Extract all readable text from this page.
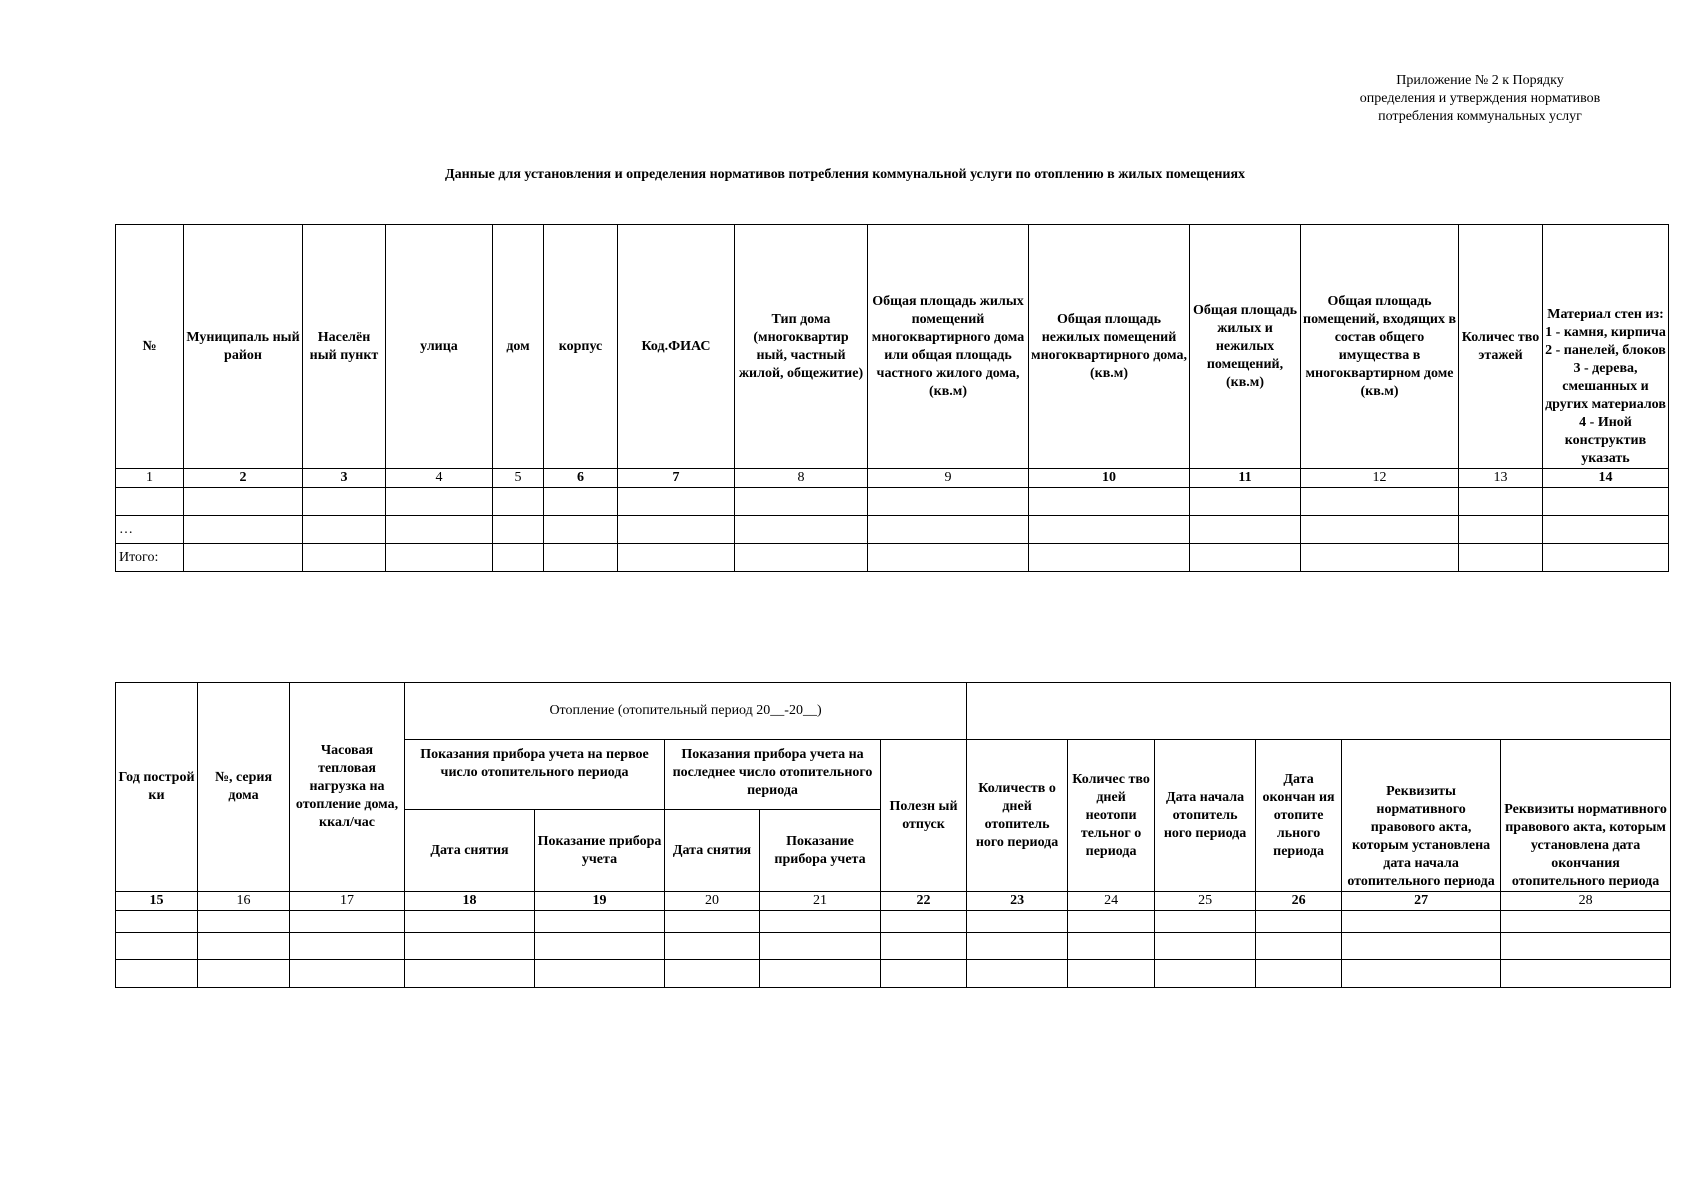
Приложение № 2 к Порядку
определения и утверждения нормативов
потребления коммунальных услуг
Данные для установления и определения нормативов потребления коммунальной услуги по отоплению в жилых помещениях
№	Муниципаль ный район	Населён ный пункт	улица	дом	корпус	Код.ФИАС	Тип дома (многоквартир ный, частный жилой, общежитие)	Общая площадь жилых помещений многоквартирного дома или общая площадь частного жилого дома, (кв.м)	Общая площадь нежилых помещений многоквартирного дома, (кв.м)	Общая площадь жилых и нежилых помещений, (кв.м)	Общая площадь помещений, входящих в состав общего имущества в многоквартирном доме (кв.м)	Количес тво этажей	Материал стен из: 1 - камня, кирпича 2 - панелей, блоков 3 - дерева, смешанных и других материалов 4 - Иной конструктив указать

1	2	3	4	5	6	7	8	9	10	11	12	13	14

…													
Итого:													
Год построй ки	№, серия дома	Часовая тепловая нагрузка на отопление дома, ккал/час	Отопление (отопительный период 20__-20__)										
			Показания прибора учета на первое число отопительного периода		Показания прибора учета на последнее число отопительного периода		Полезн ый отпуск	Количеств о дней отопитель ного периода	Количес тво дней неотопи тельног о периода	Дата начала отопитель ного периода	Дата окончан ия отопите льного периода	Реквизиты нормативного правового акта, которым установлена дата начала отопительного периода	Реквизиты нормативного правового акта, которым установлена дата окончания отопительного периода

			Дата снятия	Показание прибора учета	Дата снятия	Показание прибора учета							
15	16	17	18	19	20	21	22	23	24	25	26	27	28
